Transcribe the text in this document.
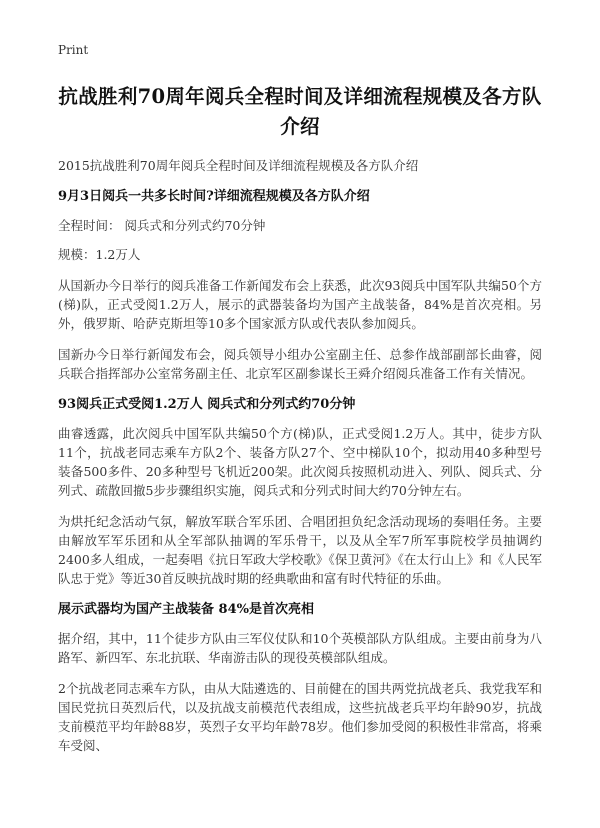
Print
抗战胜利70周年阅兵全程时间及详细流程规模及各方队介绍
2015抗战胜利70周年阅兵全程时间及详细流程规模及各方队介绍
9月3日阅兵一共多长时间?详细流程规模及各方队介绍

全程时间： 阅兵式和分列式约70分钟

规模：1.2万人

从国新办今日举行的阅兵准备工作新闻发布会上获悉，此次93阅兵中国军队共编50个方(梯)队，正式受阅1.2万人，展示的武器装备均为国产主战装备，84%是首次亮相。另外，俄罗斯、哈萨克斯坦等10多个国家派方队或代表队参加阅兵。

国新办今日举行新闻发布会，阅兵领导小组办公室副主任、总参作战部副部长曲睿，阅兵联合指挥部办公室常务副主任、北京军区副参谋长王舜介绍阅兵准备工作有关情况。

93阅兵正式受阅1.2万人 阅兵式和分列式约70分钟

曲睿透露，此次阅兵中国军队共编50个方(梯)队，正式受阅1.2万人。其中，徒步方队11个，抗战老同志乘车方队2个、装备方队27个、空中梯队10个，拟动用40多种型号装备500多件、20多种型号飞机近200架。此次阅兵按照机动进入、列队、阅兵式、分列式、疏散回撤5步步骤组织实施，阅兵式和分列式时间大约70分钟左右。

为烘托纪念活动气氛，解放军联合军乐团、合唱团担负纪念活动现场的奏唱任务。主要由解放军军乐团和从全军部队抽调的军乐骨干，以及从全军7所军事院校学员抽调约2400多人组成，一起奏唱《抗日军政大学校歌》《保卫黄河》《在太行山上》和《人民军队忠于党》等近30首反映抗战时期的经典歌曲和富有时代特征的乐曲。

展示武器均为国产主战装备 84%是首次亮相

据介绍，其中，11个徒步方队由三军仪仗队和10个英模部队方队组成。主要由前身为八路军、新四军、东北抗联、华南游击队的现役英模部队组成。

2个抗战老同志乘车方队，由从大陆遴选的、目前健在的国共两党抗战老兵、我党我军和国民党抗日英烈后代，以及抗战支前模范代表组成，这些抗战老兵平均年龄90岁，抗战支前模范平均年龄88岁，英烈子女平均年龄78岁。他们参加受阅的积极性非常高，将乘车受阅、
